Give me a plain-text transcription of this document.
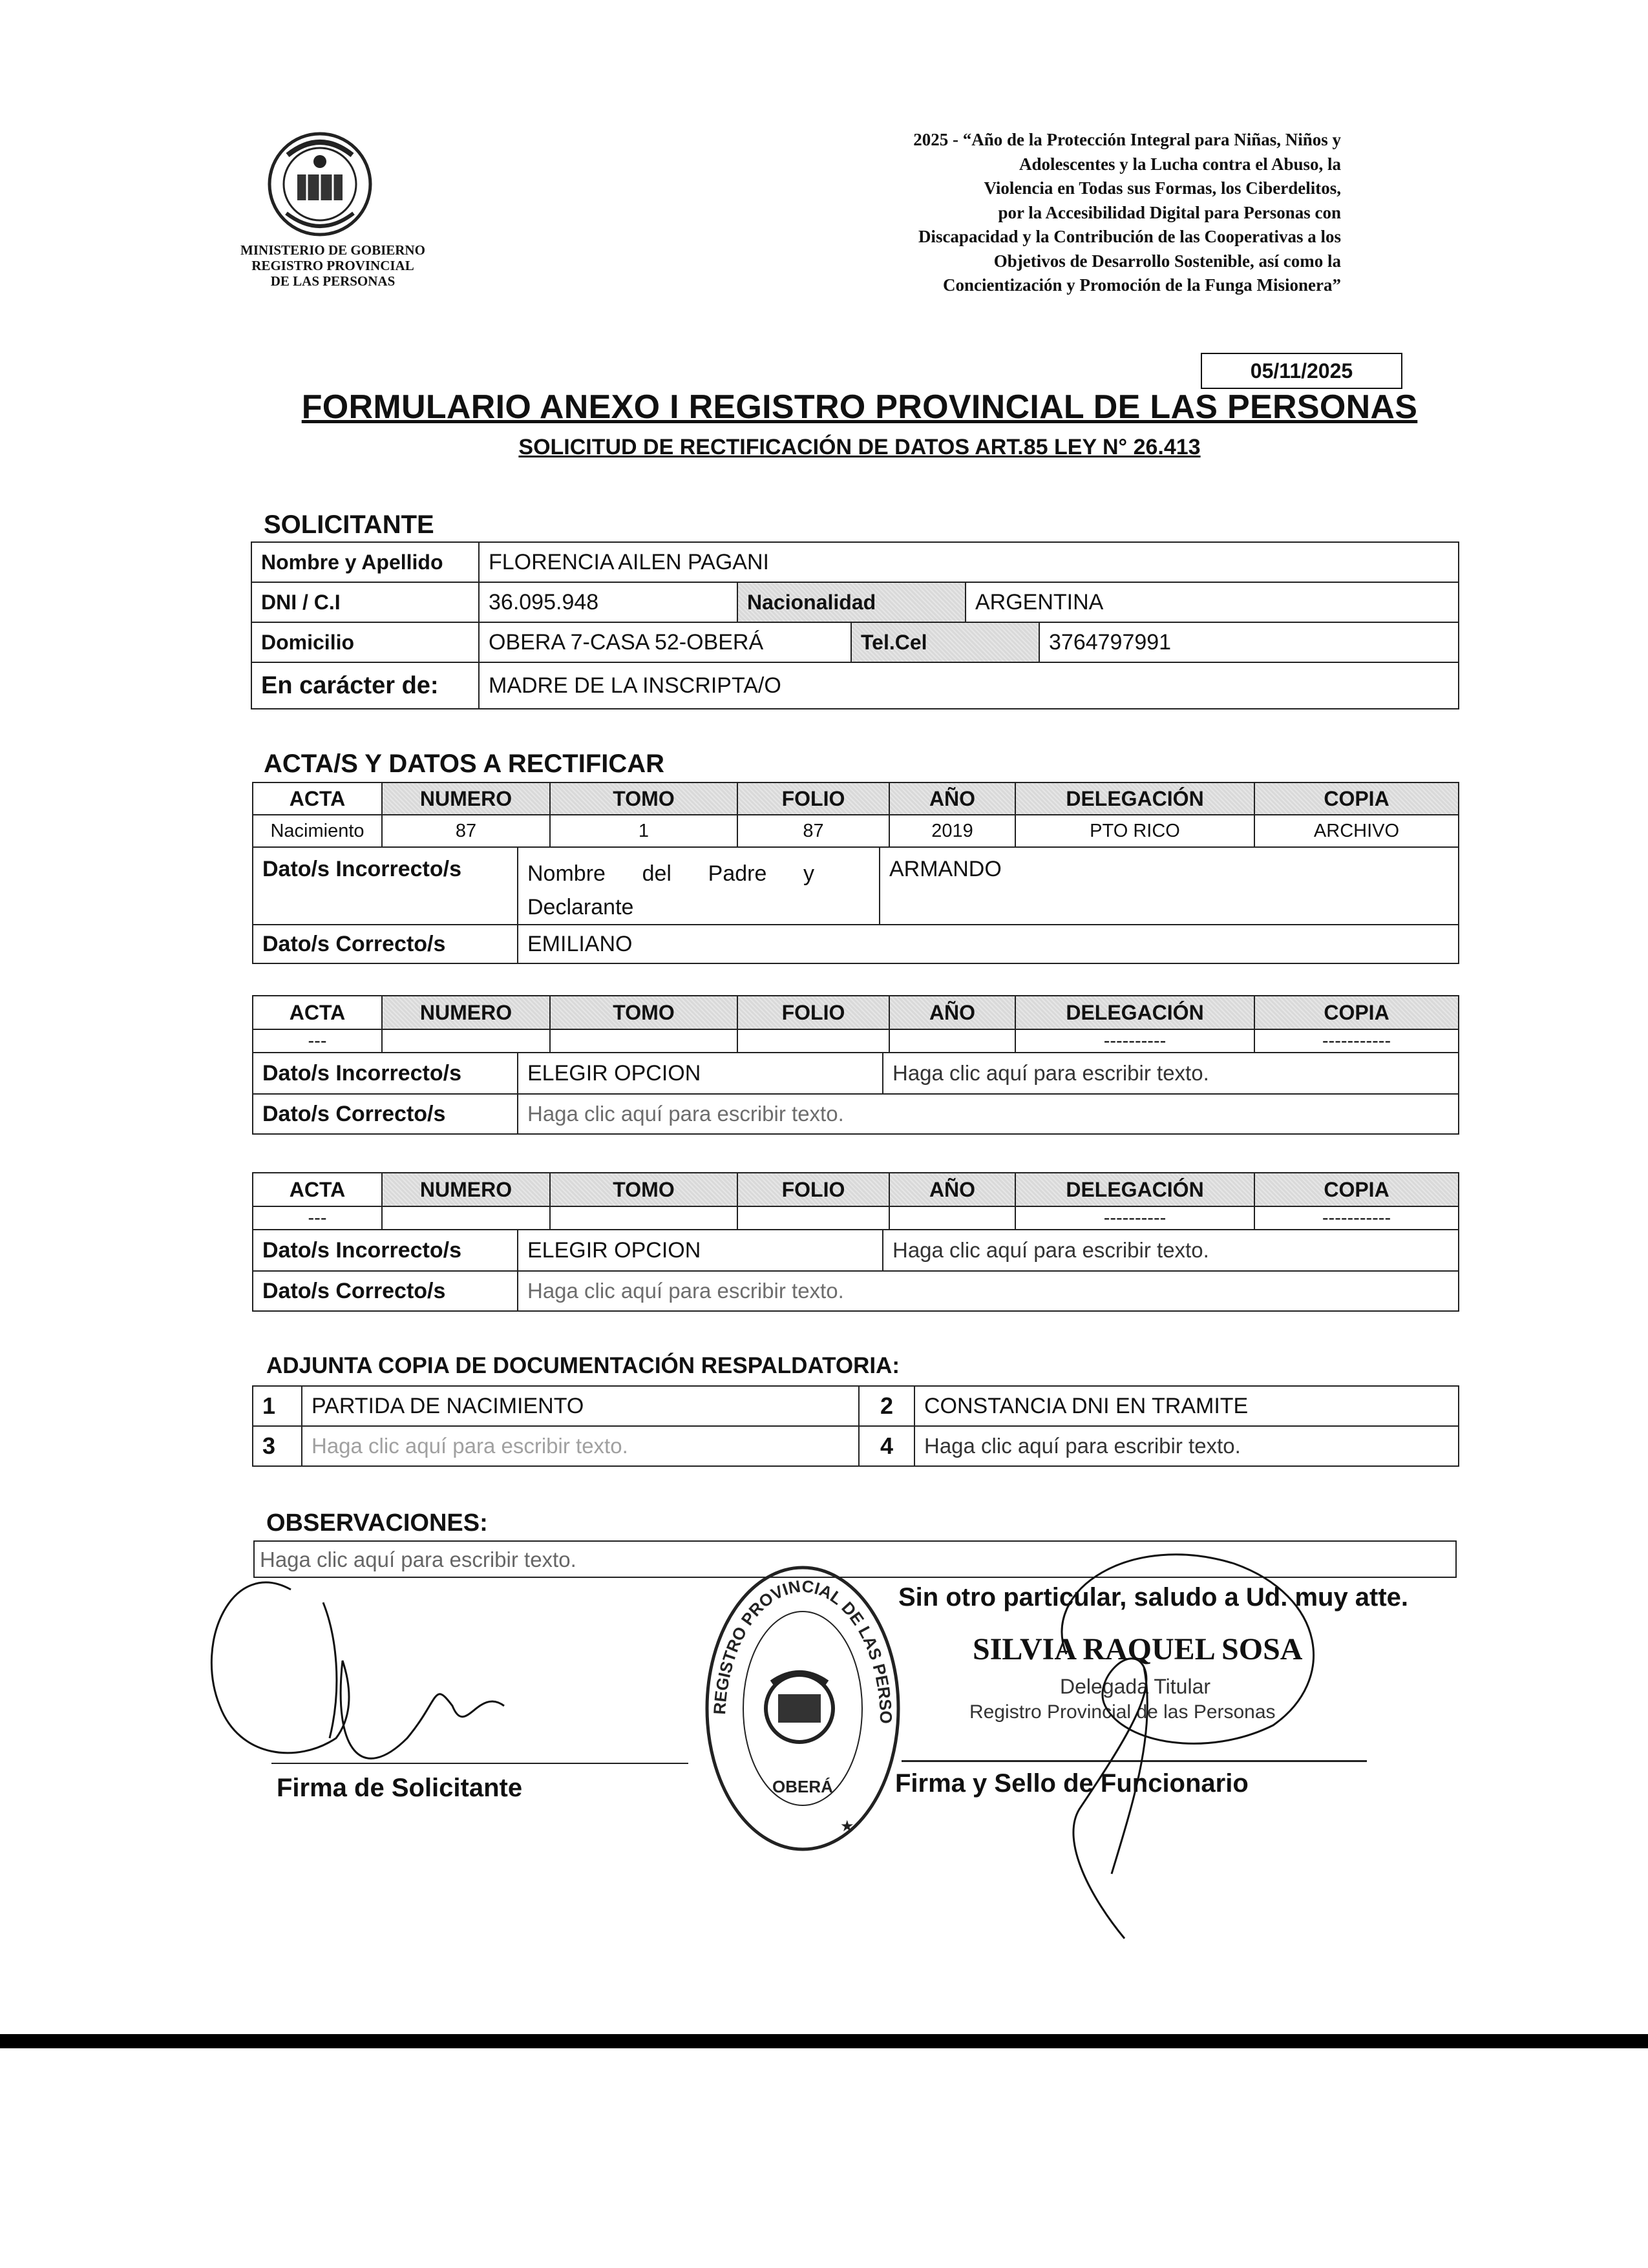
MINISTERIO DE GOBIERNO
REGISTRO PROVINCIAL
DE LAS PERSONAS
2025 - “Año de la Protección Integral para Niñas, Niños y
Adolescentes y la Lucha contra el Abuso, la
Violencia en Todas sus Formas, los Ciberdelitos,
por la Accesibilidad Digital para Personas con
Discapacidad y la Contribución de las Cooperativas a los
Objetivos de Desarrollo Sostenible, así como la
Concientización y Promoción de la Funga Misionera”
05/11/2025
FORMULARIO ANEXO I REGISTRO PROVINCIAL DE LAS PERSONAS
SOLICITUD DE RECTIFICACIÓN DE DATOS ART.85 LEY N° 26.413
SOLICITANTE
Nombre y Apellido	FLORENCIA AILEN PAGANI				
DNI / C.I	36.095.948	Nacionalidad		ARGENTINA	
Domicilio	OBERA 7-CASA 52-OBERÁ		Tel.Cel		3764797991
En carácter de:	MADRE DE LA INSCRIPTA/O				
ACTA/S Y DATOS A RECTIFICAR
ACTA	NUMERO	TOMO	FOLIO	AÑO	DELEGACIÓN	COPIA
Nacimiento	87	1	87	2019	PTO RICO	ARCHIVO
Dato/s Incorrecto/s	Nombre      del      Padre      y
Declarante	ARMANDO
Dato/s Correcto/s	EMILIANO	
ACTA	NUMERO	TOMO	FOLIO	AÑO	DELEGACIÓN	COPIA
---					----------	-----------
Dato/s Incorrecto/s	ELEGIR OPCION	Haga clic aquí para escribir texto.
Dato/s Correcto/s	Haga clic aquí para escribir texto.	
ACTA	NUMERO	TOMO	FOLIO	AÑO	DELEGACIÓN	COPIA
---					----------	-----------
Dato/s Incorrecto/s	ELEGIR OPCION	Haga clic aquí para escribir texto.
Dato/s Correcto/s	Haga clic aquí para escribir texto.	
ADJUNTA COPIA DE DOCUMENTACIÓN RESPALDATORIA:
1	PARTIDA DE NACIMIENTO	2	CONSTANCIA DNI EN TRAMITE
3	Haga clic aquí para escribir texto.	4	Haga clic aquí para escribir texto.
OBSERVACIONES:
Haga clic aquí para escribir texto.
Sin otro particular, saludo a Ud. muy atte.
SILVIA RAQUEL SOSA
Delegada Titular
Registro Provincial de las Personas
Firma de Solicitante	Firma y Sello de Funcionario
REGISTRO PROVINCIAL DE LAS PERSO
OBERÁ
★
